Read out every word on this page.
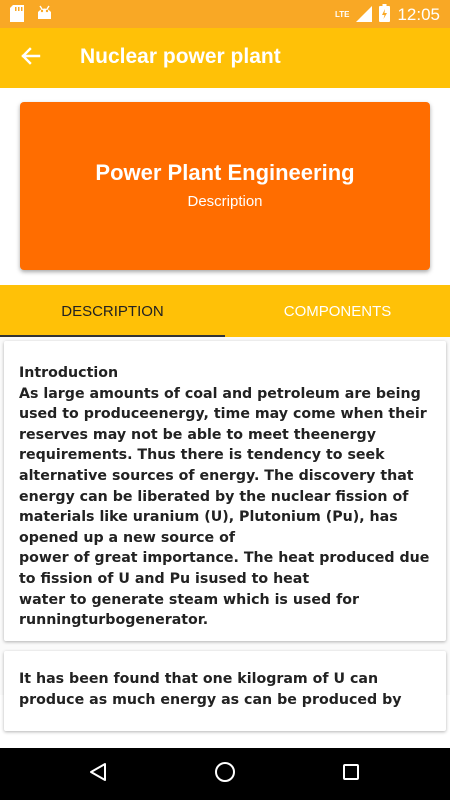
LTE	12:05
Nuclear power plant
Power Plant Engineering
Description
DESCRIPTION	COMPONENTS
Introduction
As large amounts of coal and petroleum are being used to produceenergy, time may come when their reserves may not be able to meet theenergy requirements. Thus there is tendency to seek alternative sources of energy. The discovery that energy can be liberated by the nuclear fission of materials like uranium (U), Plutonium (Pu), has opened up a new source of
power of great importance. The heat produced due to fission of U and Pu isused to heat
water to generate steam which is used for runningturbogenerator.
It has been found that one kilogram of U can produce as much energy as can be produced by
